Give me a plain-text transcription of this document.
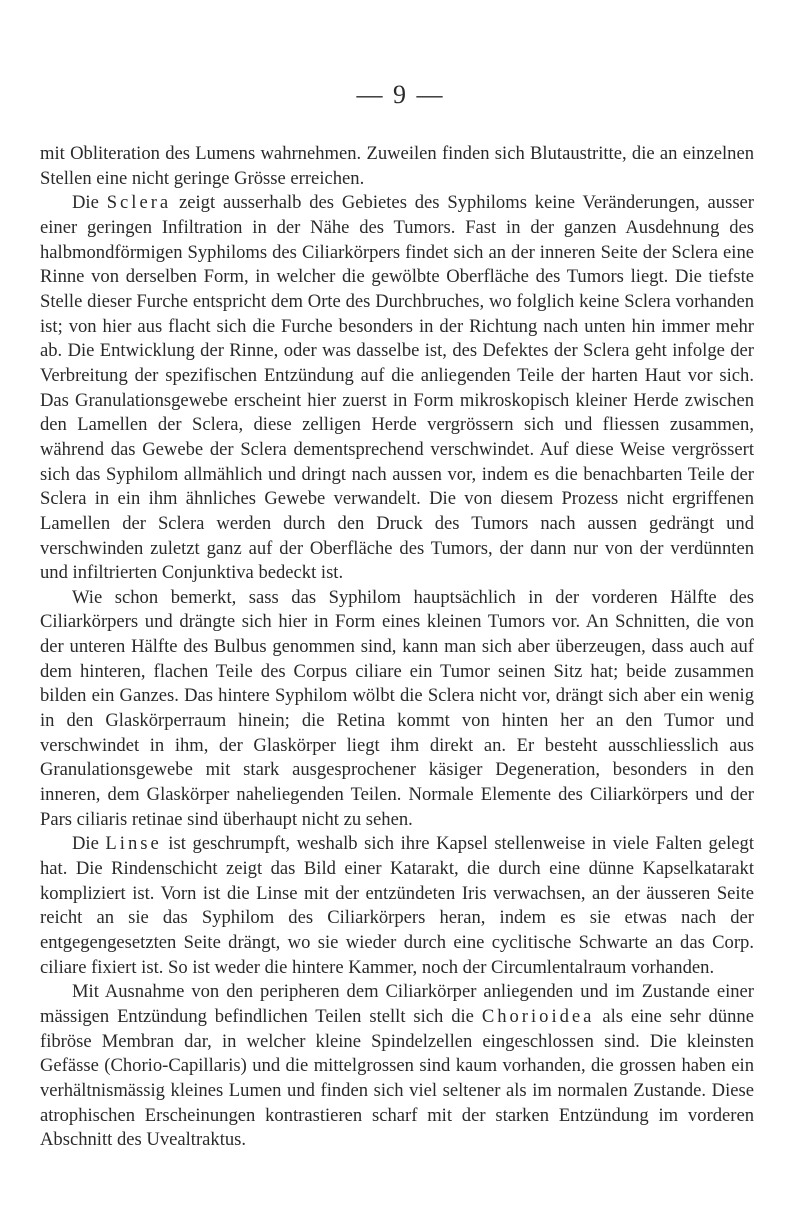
— 9 —

mit Obliteration des Lumens wahrnehmen. Zuweilen finden sich Blutaustritte, die an einzelnen Stellen eine nicht geringe Grösse erreichen.

Die Sclera zeigt ausserhalb des Gebietes des Syphiloms keine Veränderungen, ausser einer geringen Infiltration in der Nähe des Tumors. Fast in der ganzen Ausdehnung des halbmondförmigen Syphiloms des Ciliarkörpers findet sich an der inneren Seite der Sclera eine Rinne von derselben Form, in welcher die gewölbte Oberfläche des Tumors liegt. Die tiefste Stelle dieser Furche entspricht dem Orte des Durchbruches, wo folglich keine Sclera vorhanden ist; von hier aus flacht sich die Furche besonders in der Richtung nach unten hin immer mehr ab. Die Entwicklung der Rinne, oder was dasselbe ist, des Defektes der Sclera geht infolge der Verbreitung der spezifischen Entzündung auf die anliegenden Teile der harten Haut vor sich. Das Granulationsgewebe erscheint hier zuerst in Form mikroskopisch kleiner Herde zwischen den Lamellen der Sclera, diese zelligen Herde vergrössern sich und fliessen zusammen, während das Gewebe der Sclera dementsprechend verschwindet. Auf diese Weise vergrössert sich das Syphilom allmählich und dringt nach aussen vor, indem es die benachbarten Teile der Sclera in ein ihm ähnliches Gewebe verwandelt. Die von diesem Prozess nicht ergriffenen Lamellen der Sclera werden durch den Druck des Tumors nach aussen gedrängt und verschwinden zuletzt ganz auf der Oberfläche des Tumors, der dann nur von der verdünnten und infiltrierten Conjunktiva bedeckt ist.

Wie schon bemerkt, sass das Syphilom hauptsächlich in der vorderen Hälfte des Ciliarkörpers und drängte sich hier in Form eines kleinen Tumors vor. An Schnitten, die von der unteren Hälfte des Bulbus genommen sind, kann man sich aber überzeugen, dass auch auf dem hinteren, flachen Teile des Corpus ciliare ein Tumor seinen Sitz hat; beide zusammen bilden ein Ganzes. Das hintere Syphilom wölbt die Sclera nicht vor, drängt sich aber ein wenig in den Glaskörperraum hinein; die Retina kommt von hinten her an den Tumor und verschwindet in ihm, der Glaskörper liegt ihm direkt an. Er besteht ausschliesslich aus Granulationsgewebe mit stark ausgesprochener käsiger Degeneration, besonders in den inneren, dem Glaskörper naheliegenden Teilen. Normale Elemente des Ciliarkörpers und der Pars ciliaris retinae sind überhaupt nicht zu sehen.

Die Linse ist geschrumpft, weshalb sich ihre Kapsel stellenweise in viele Falten gelegt hat. Die Rindenschicht zeigt das Bild einer Katarakt, die durch eine dünne Kapselkatarakt kompliziert ist. Vorn ist die Linse mit der entzündeten Iris verwachsen, an der äusseren Seite reicht an sie das Syphilom des Ciliarkörpers heran, indem es sie etwas nach der entgegengesetzten Seite drängt, wo sie wieder durch eine cyclitische Schwarte an das Corp. ciliare fixiert ist. So ist weder die hintere Kammer, noch der Circumlentalraum vorhanden.

Mit Ausnahme von den peripheren dem Ciliarkörper anliegenden und im Zustande einer mässigen Entzündung befindlichen Teilen stellt sich die Chorioidea als eine sehr dünne fibröse Membran dar, in welcher kleine Spindelzellen eingeschlossen sind. Die kleinsten Gefässe (Chorio-Capillaris) und die mittelgrossen sind kaum vorhanden, die grossen haben ein verhältnismässig kleines Lumen und finden sich viel seltener als im normalen Zustande. Diese atrophischen Erscheinungen kontrastieren scharf mit der starken Entzündung im vorderen Abschnitt des Uvealtraktus.
